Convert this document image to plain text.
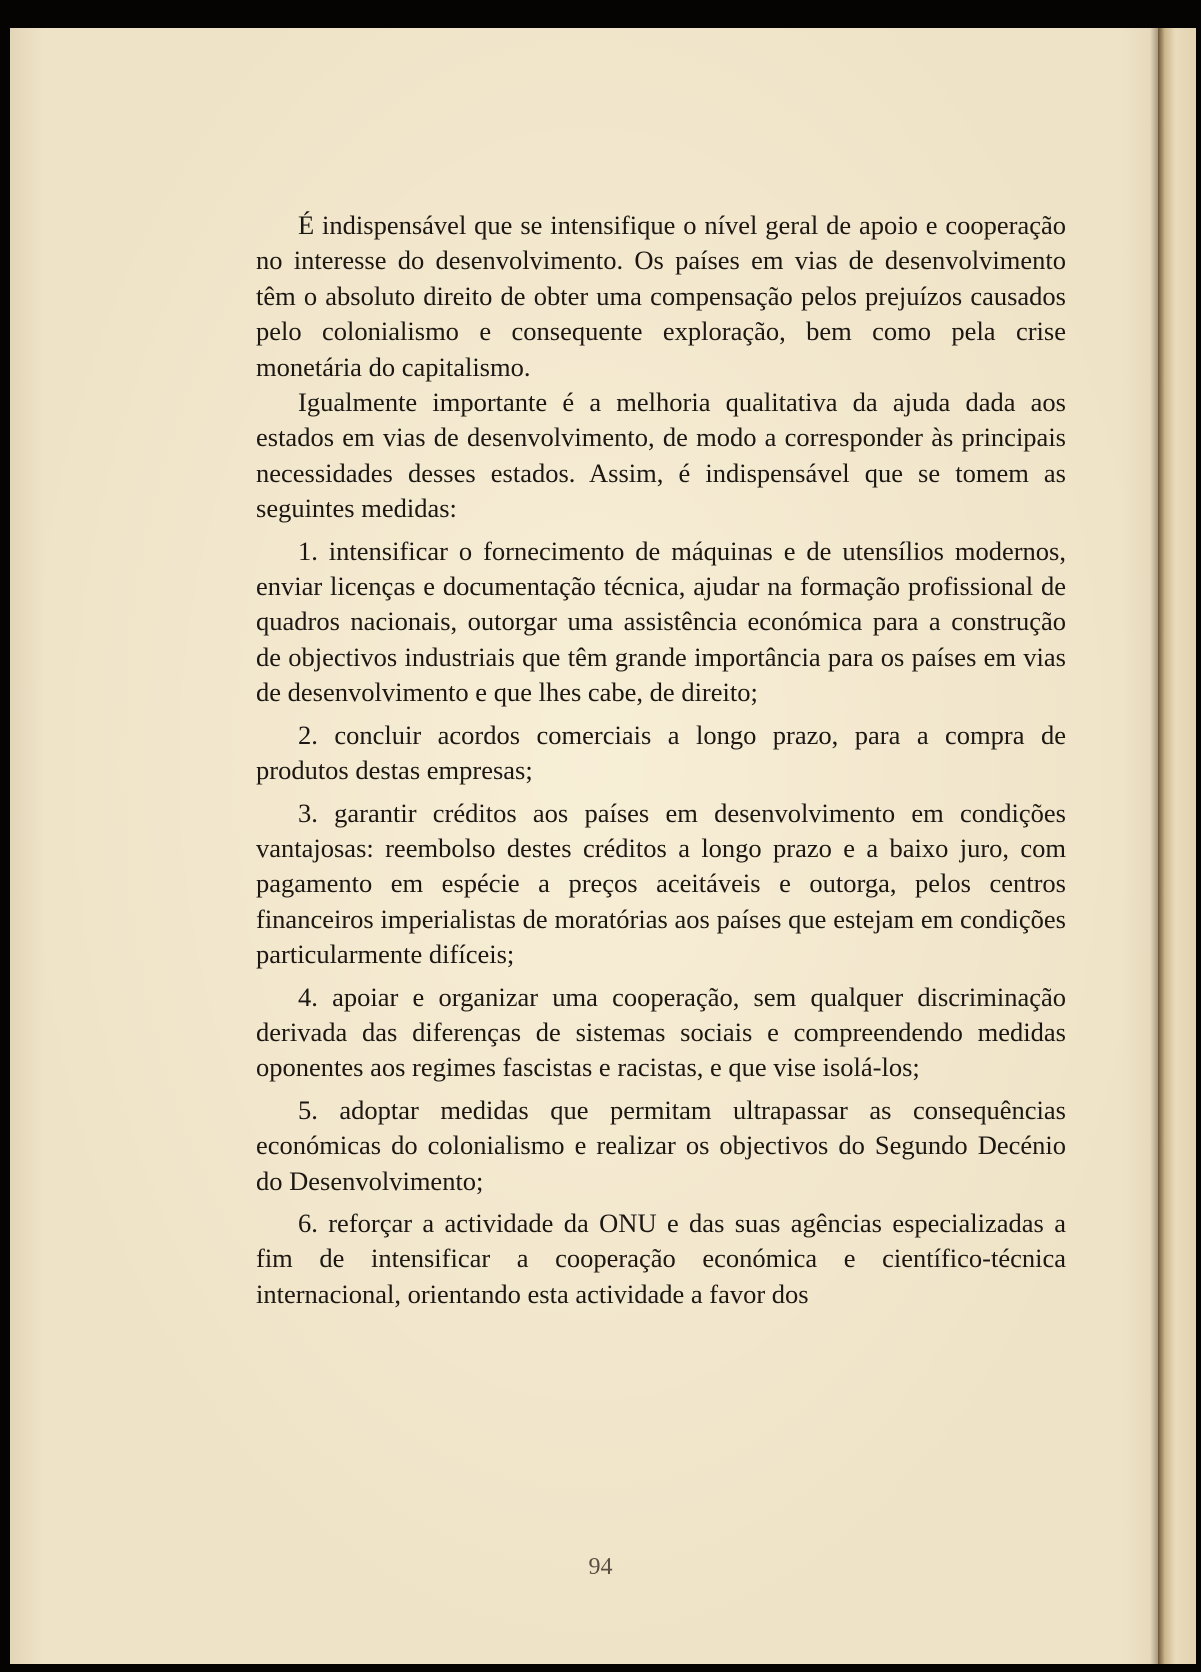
É indispensável que se intensifique o nível geral de apoio e cooperação no interesse do desenvolvimento. Os países em vias de desenvolvimento têm o absoluto direito de obter uma compensação pelos prejuízos causados pelo colonialismo e consequente exploração, bem como pela crise monetária do capitalismo.

Igualmente importante é a melhoria qualitativa da ajuda dada aos estados em vias de desenvolvimento, de modo a corresponder às principais necessidades desses estados. Assim, é indispensável que se tomem as seguintes medidas:

1. intensificar o fornecimento de máquinas e de utensílios modernos, enviar licenças e documentação técnica, ajudar na formação profissional de quadros nacionais, outorgar uma assistência económica para a construção de objectivos industriais que têm grande importância para os países em vias de desenvolvimento e que lhes cabe, de direito;

2. concluir acordos comerciais a longo prazo, para a compra de produtos destas empresas;

3. garantir créditos aos países em desenvolvimento em condições vantajosas: reembolso destes créditos a longo prazo e a baixo juro, com pagamento em espécie a preços aceitáveis e outorga, pelos centros financeiros imperialistas de moratórias aos países que estejam em condições particularmente difíceis;

4. apoiar e organizar uma cooperação, sem qualquer discriminação derivada das diferenças de sistemas sociais e compreendendo medidas oponentes aos regimes fascistas e racistas, e que vise isolá-los;

5. adoptar medidas que permitam ultrapassar as consequências económicas do colonialismo e realizar os objectivos do Segundo Decénio do Desenvolvimento;

6. reforçar a actividade da ONU e das suas agências especializadas a fim de intensificar a cooperação económica e científico-técnica internacional, orientando esta actividade a favor dos

94
